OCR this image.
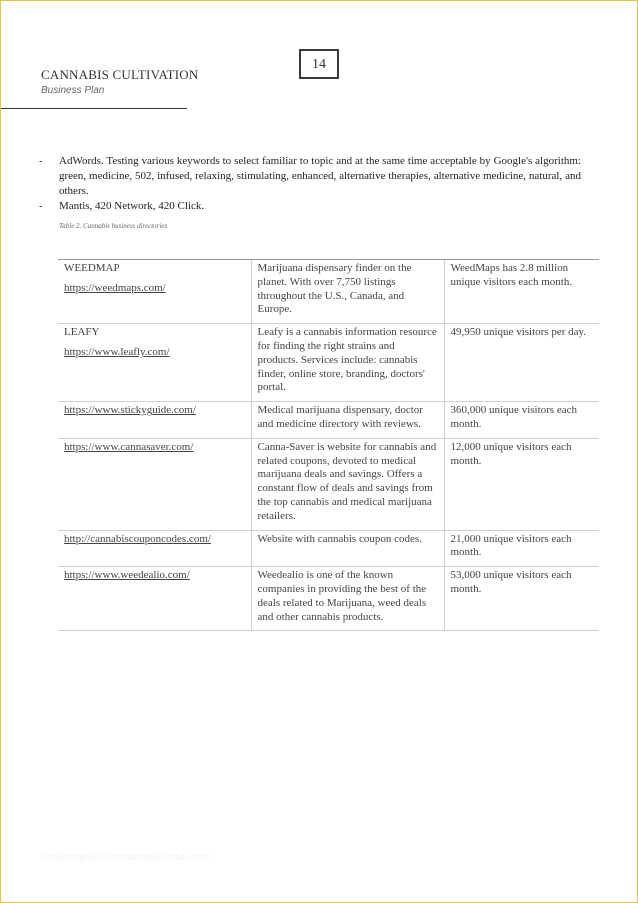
14
CANNABIS CULTIVATION
Business Plan
-	AdWords. Testing various keywords to select familiar to topic and at the same time acceptable by Google's algorithm: green, medicine, 502, infused, relaxing, stimulating, enhanced, alternative therapies, alternative medicine, natural, and others.
-	Mantis, 420 Network, 420 Click.
Table 2. Cannabis business directories
WEEDMAP
https://weedmaps.com/	Marijuana dispensary finder on the planet. With over 7,750 listings throughout the U.S., Canada, and Europe.	WeedMaps has 2.8 million unique visitors each month.

LEAFY
https://www.leafly.com/	Leafy is a cannabis information resource for finding the right strains and products. Services include: cannabis finder, online store, branding, doctors' portal.	49,950 unique visitors per day.

https://www.stickyguide.com/	Medical marijuana dispensary, doctor and medicine directory with reviews.	360,000 unique visitors each month.

https://www.cannasaver.com/	Canna-Saver is website for cannabis and related coupons, devoted to medical marijuana deals and savings. Offers a constant flow of deals and savings from the top cannabis and medical marijuana retailers.	12,000 unique visitors each month.

http://cannabiscouponcodes.com/	Website with cannabis coupon codes.	21,000 unique visitors each month.

https://www.weedealio.com/	Weedealio is one of the known companies in providing the best of the deals related to Marijuana, weed deals and other cannabis products.	53,000 unique visitors each month.
www.templatesformatsdownloads.com
